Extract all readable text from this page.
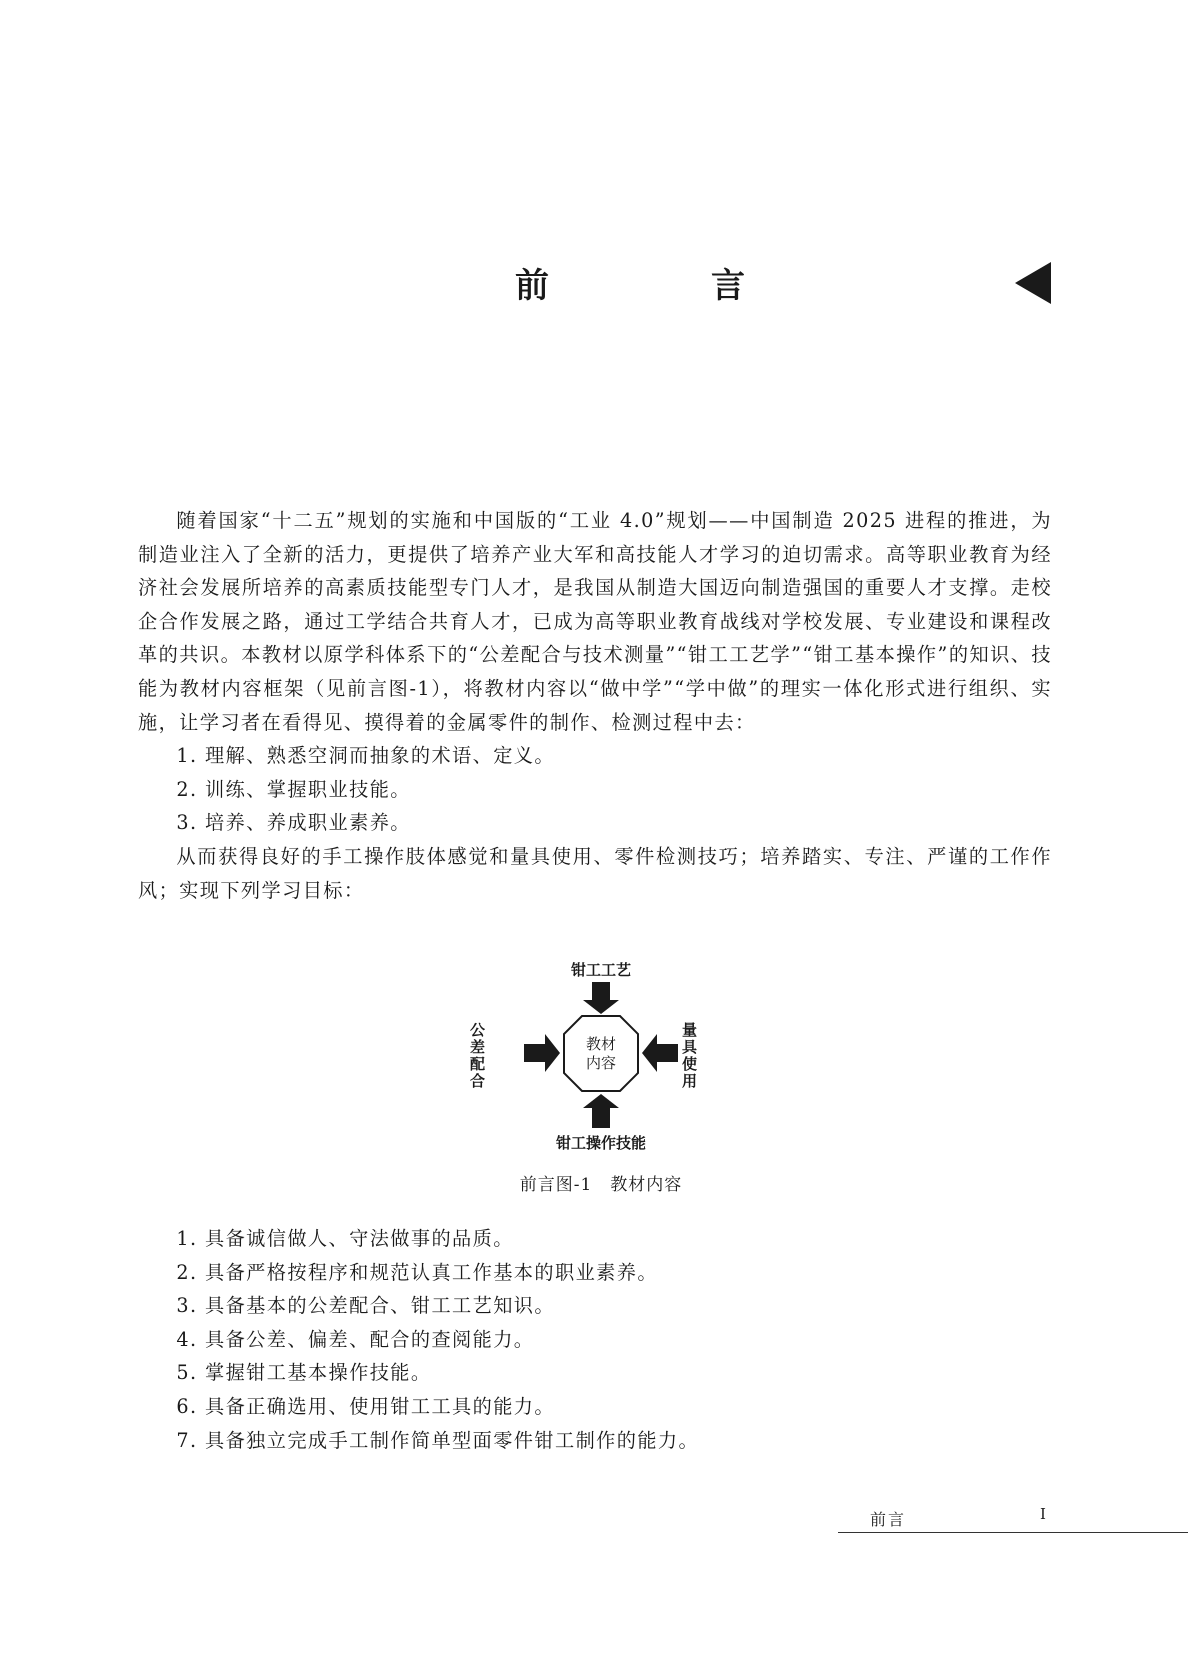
前　言

随着国家“十二五”规划的实施和中国版的“工业 4.0”规划——中国制造 2025 进程的推进，为制造业注入了全新的活力，更提供了培养产业大军和高技能人才学习的迫切需求。高等职业教育为经济社会发展所培养的高素质技能型专门人才，是我国从制造大国迈向制造强国的重要人才支撑。走校企合作发展之路，通过工学结合共育人才，已成为高等职业教育战线对学校发展、专业建设和课程改革的共识。本教材以原学科体系下的“公差配合与技术测量”“钳工工艺学”“钳工基本操作”的知识、技能为教材内容框架（见前言图-1），将教材内容以“做中学”“学中做”的理实一体化形式进行组织、实施，让学习者在看得见、摸得着的金属零件的制作、检测过程中去：

1. 理解、熟悉空洞而抽象的术语、定义。
2. 训练、掌握职业技能。
3. 培养、养成职业素养。

从而获得良好的手工操作肢体感觉和量具使用、零件检测技巧；培养踏实、专注、严谨的工作作风；实现下列学习目标：

钳工工艺
教材
内容
公
差
配
合
量
具
使
用
钳工操作技能
前言图-1 教材内容
1. 具备诚信做人、守法做事的品质。
2. 具备严格按程序和规范认真工作基本的职业素养。
3. 具备基本的公差配合、钳工工艺知识。
4. 具备公差、偏差、配合的查阅能力。
5. 掌握钳工基本操作技能。
6. 具备正确选用、使用钳工工具的能力。
7. 具备独立完成手工制作简单型面零件钳工制作的能力。
前言	I
